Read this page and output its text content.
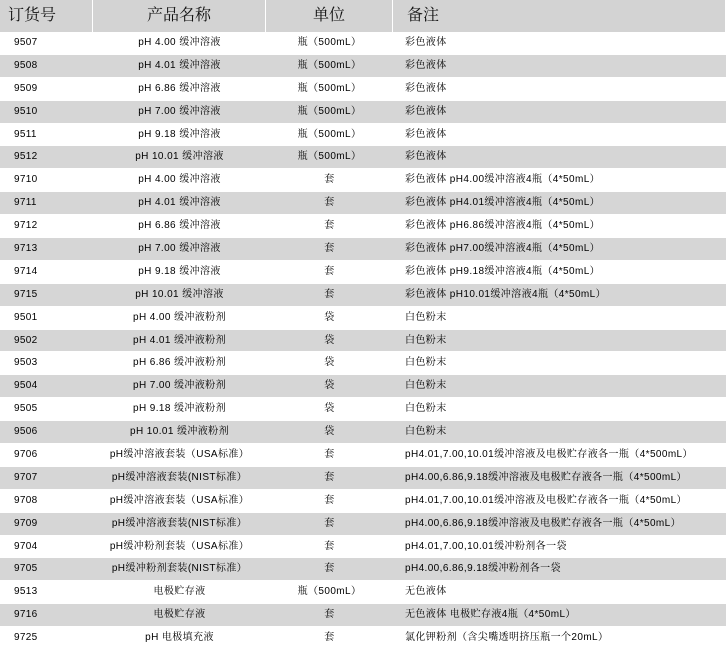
订货号	产品名称	单位	备注
9507	pH 4.00 缓冲溶液	瓶（500mL）	彩色液体
9508	pH 4.01 缓冲溶液	瓶（500mL）	彩色液体
9509	pH 6.86 缓冲溶液	瓶（500mL）	彩色液体
9510	pH 7.00 缓冲溶液	瓶（500mL）	彩色液体
9511	pH 9.18 缓冲溶液	瓶（500mL）	彩色液体
9512	pH 10.01 缓冲溶液	瓶（500mL）	彩色液体
9710	pH 4.00 缓冲溶液	套	彩色液体 pH4.00缓冲溶液4瓶（4*50mL）
9711	pH 4.01 缓冲溶液	套	彩色液体 pH4.01缓冲溶液4瓶（4*50mL）
9712	pH 6.86 缓冲溶液	套	彩色液体 pH6.86缓冲溶液4瓶（4*50mL）
9713	pH 7.00 缓冲溶液	套	彩色液体 pH7.00缓冲溶液4瓶（4*50mL）
9714	pH 9.18 缓冲溶液	套	彩色液体 pH9.18缓冲溶液4瓶（4*50mL）
9715	pH 10.01 缓冲溶液	套	彩色液体 pH10.01缓冲溶液4瓶（4*50mL）
9501	pH 4.00 缓冲液粉剂	袋	白色粉末
9502	pH 4.01 缓冲液粉剂	袋	白色粉末
9503	pH 6.86 缓冲液粉剂	袋	白色粉末
9504	pH 7.00 缓冲液粉剂	袋	白色粉末
9505	pH 9.18 缓冲液粉剂	袋	白色粉末
9506	pH 10.01 缓冲液粉剂	袋	白色粉末
9706	pH缓冲溶液套装（USA标准）	套	pH4.01,7.00,10.01缓冲溶液及电极贮存液各一瓶（4*500mL）
9707	pH缓冲溶液套装(NIST标准）	套	pH4.00,6.86,9.18缓冲溶液及电极贮存液各一瓶（4*500mL）
9708	pH缓冲溶液套装（USA标准）	套	pH4.01,7.00,10.01缓冲溶液及电极贮存液各一瓶（4*50mL）
9709	pH缓冲溶液套装(NIST标准）	套	pH4.00,6.86,9.18缓冲溶液及电极贮存液各一瓶（4*50mL）
9704	pH缓冲粉剂套装（USA标准）	套	pH4.01,7.00,10.01缓冲粉剂各一袋
9705	pH缓冲粉剂套装(NIST标准）	套	pH4.00,6.86,9.18缓冲粉剂各一袋
9513	电极贮存液	瓶（500mL）	无色液体
9716	电极贮存液	套	无色液体 电极贮存液4瓶（4*50mL）
9725	pH 电极填充液	套	氯化钾粉剂（含尖嘴透明挤压瓶一个20mL）
